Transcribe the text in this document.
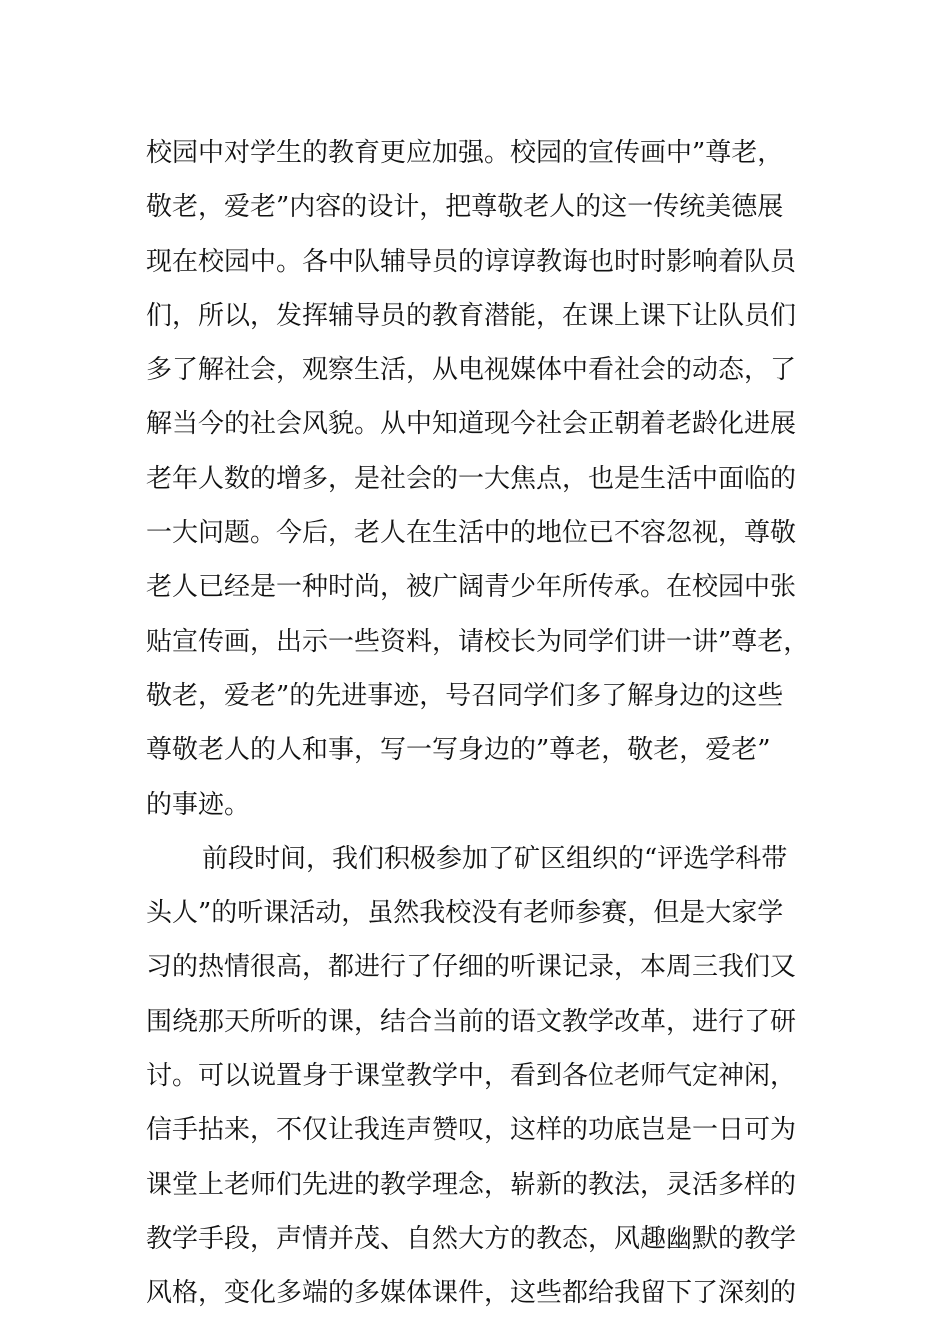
校园中对学生的教育更应加强。校园的宣传画中”尊老，
敬老，爱老”内容的设计，把尊敬老人的这一传统美德展
现在校园中。各中队辅导员的谆谆教诲也时时影响着队员
们，所以，发挥辅导员的教育潜能，在课上课下让队员们
多了解社会，观察生活，从电视媒体中看社会的动态，了
解当今的社会风貌。从中知道现今社会正朝着老龄化进展
老年人数的增多，是社会的一大焦点，也是生活中面临的
一大问题。今后，老人在生活中的地位已不容忽视，尊敬
老人已经是一种时尚，被广阔青少年所传承。在校园中张
贴宣传画，出示一些资料，请校长为同学们讲一讲”尊老，
敬老，爱老”的先进事迹，号召同学们多了解身边的这些
尊敬老人的人和事，写一写身边的”尊老，敬老，爱老”
的事迹。
前段时间，我们积极参加了矿区组织的“评选学科带
头人”的听课活动，虽然我校没有老师参赛，但是大家学
习的热情很高，都进行了仔细的听课记录，本周三我们又
围绕那天所听的课，结合当前的语文教学改革，进行了研
讨。可以说置身于课堂教学中，看到各位老师气定神闲，
信手拈来，不仅让我连声赞叹，这样的功底岂是一日可为
课堂上老师们先进的教学理念，崭新的教法，灵活多样的
教学手段，声情并茂、自然大方的教态，风趣幽默的教学
风格，变化多端的多媒体课件，这些都给我留下了深刻的
